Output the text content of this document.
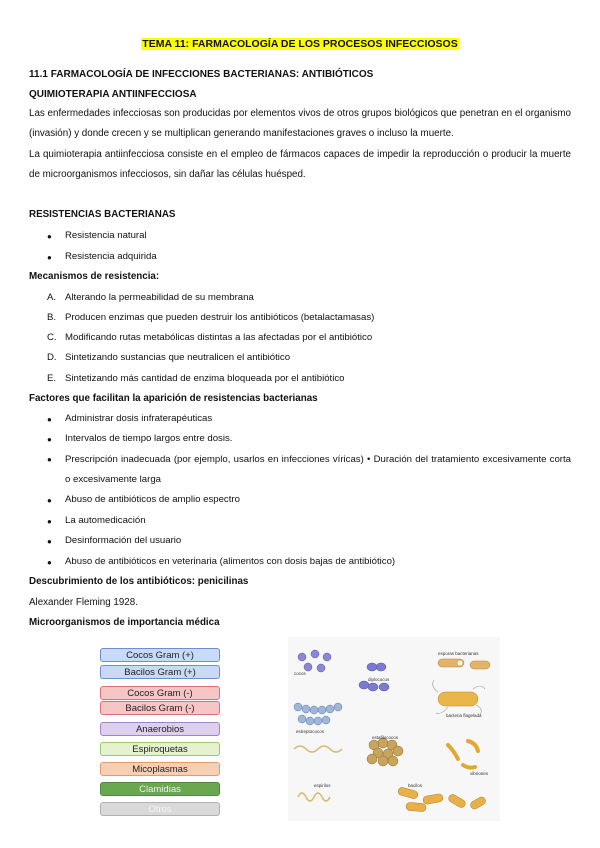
TEMA 11: FARMACOLOGÍA DE LOS PROCESOS INFECCIOSOS
11.1 FARMACOLOGÍA DE INFECCIONES BACTERIANAS: ANTIBIÓTICOS
QUIMIOTERAPIA ANTIINFECCIOSA
Las enfermedades infecciosas son producidas por elementos vivos de otros grupos biológicos que penetran en el organismo (invasión) y donde crecen y se multiplican generando manifestaciones graves o incluso la muerte.
La quimioterapia antiinfecciosa consiste en el empleo de fármacos capaces de impedir la reproducción o producir la muerte de microorganismos infecciosos, sin dañar las células huésped.
RESISTENCIAS BACTERIANAS
● Resistencia natural
● Resistencia adquirida
Mecanismos de resistencia:
A. Alterando la permeabilidad de su membrana
B. Producen enzimas que pueden destruir los antibióticos (betalactamasas)
C. Modificando rutas metabólicas distintas a las afectadas por el antibiótico
D. Sintetizando sustancias que neutralicen el antibiótico
E. Sintetizando más cantidad de enzima bloqueada por el antibiótico
Factores que facilitan la aparición de resistencias bacterianas
● Administrar dosis infraterapéuticas
● Intervalos de tiempo largos entre dosis.
● Prescripción inadecuada (por ejemplo, usarlos en infecciones víricas) • Duración del tratamiento excesivamente corta o excesivamente larga
● Abuso de antibióticos de amplio espectro
● La automedicación
● Desinformación del usuario
● Abuso de antibióticos en veterinaria (alimentos con dosis bajas de antibiótico)
Descubrimiento de los antibióticos: penicilinas
Alexander Fleming 1928.
Microorganismos de importancia médica
Cocos Gram (+)
Bacilos Gram (+)
Cocos Gram (-)
Bacilos Gram (-)
Anaerobios
Espiroquetas
Micoplasmas
Clamidias
Otros
cocos
diplococos
esporas bacterianas
estreptococos
estafilococos
bacteria flagelada
espirilos	bacilos
vibriones
